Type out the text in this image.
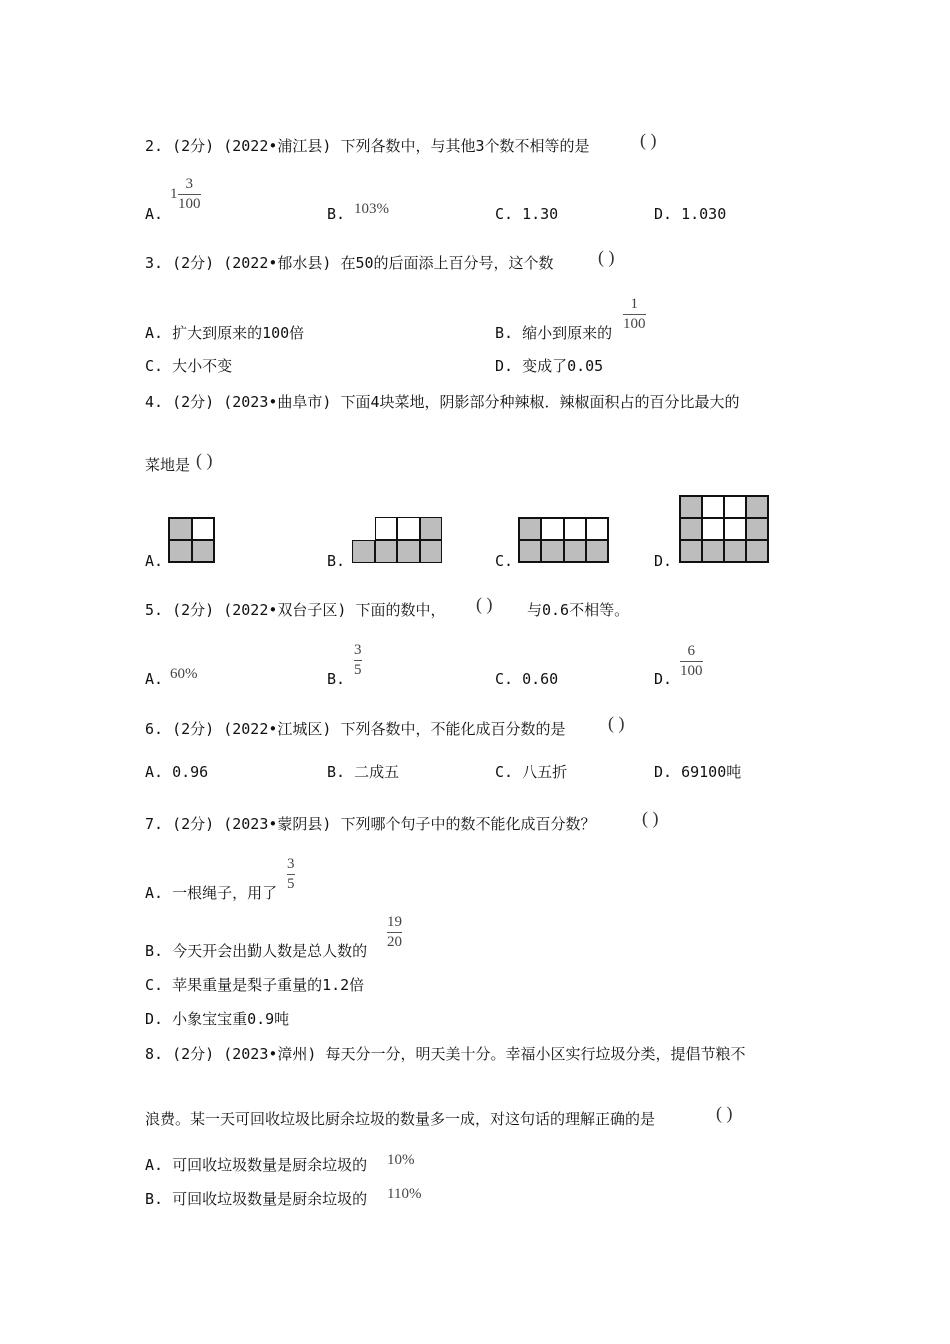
2. (2分) (2022•浦江县) 下列各数中，与其他3个数不相等的是	( )
A.
1
3
100
B. 103%	C. 1.30	D. 1.030
3. (2分) (2022•郁水县) 在50的后面添上百分号，这个数 ( )
A. 扩大到原来的100倍	B. 缩小到原来的
1
100
C. 大小不变	D. 变成了0.05
4. (2分) (2023•曲阜市) 下面4块菜地，阴影部分种辣椒．辣椒面积占的百分比最大的
菜地是 ( )
A.	B.	C.	D.
5. (2分) (2022•双台子区) 下面的数中， ( ) 与0.6不相等。
A. 60%	B.
3
5	C. 0.60	D.
6
100
6. (2分) (2022•江城区) 下列各数中，不能化成百分数的是 ( )
A. 0.96	B. 二成五	C. 八五折	D. 69100吨
7. (2分) (2023•蒙阴县) 下列哪个句子中的数不能化成百分数？	( )
A. 一根绳子，用了
3
5
B. 今天开会出勤人数是总人数的
19
20
C. 苹果重量是梨子重量的1.2倍
D. 小象宝宝重0.9吨
8. (2分) (2023•漳州) 每天分一分，明天美十分。幸福小区实行垃圾分类，提倡节粮不
浪费。某一天可回收垃圾比厨余垃圾的数量多一成，对这句话的理解正确的是	( )
A. 可回收垃圾数量是厨余垃圾的 10%
B. 可回收垃圾数量是厨余垃圾的 110%
